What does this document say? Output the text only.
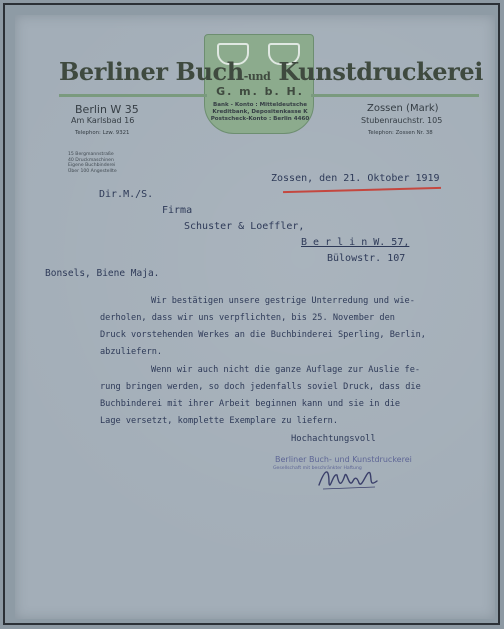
Berliner Buch-und Kunstdruckerei
G. m. b. H.
Berlin W 35
Am Karlsbad 16
Telephon: Lzw. 9321
Bank - Konto : Mitteldeutsche
Kreditbank, Depositenkasse K
Postscheck-Konto : Berlin 4460
Zossen (Mark)
Stubenrauchstr. 105
Telephon: Zossen Nr. 38
15 Bergmannstraße
40 Druckmaschinen
Eigene Buchbinderei
Über 100 Angestellte
Zossen, den 21. Oktober 1919
Dir.M./S.
Firma
Schuster & Loeffler,
B e r l i n W. 57,
Bülowstr. 107
Bonsels, Biene Maja.
Wir bestätigen unsere gestrige Unterredung und wie-
derholen, dass wir uns verpflichten, bis 25. November den
Druck vorstehenden Werkes an die Buchbinderei Sperling, Berlin,
abzuliefern.
Wenn wir auch nicht die ganze Auflage zur Auslie fe-
rung bringen werden, so doch jedenfalls soviel Druck, dass die
Buchbinderei mit ihrer Arbeit beginnen kann und sie in die
Lage versetzt, komplette Exemplare zu liefern.
Hochachtungsvoll
Berliner Buch- und Kunstdruckerei
Gesellschaft mit beschränkter Haftung
